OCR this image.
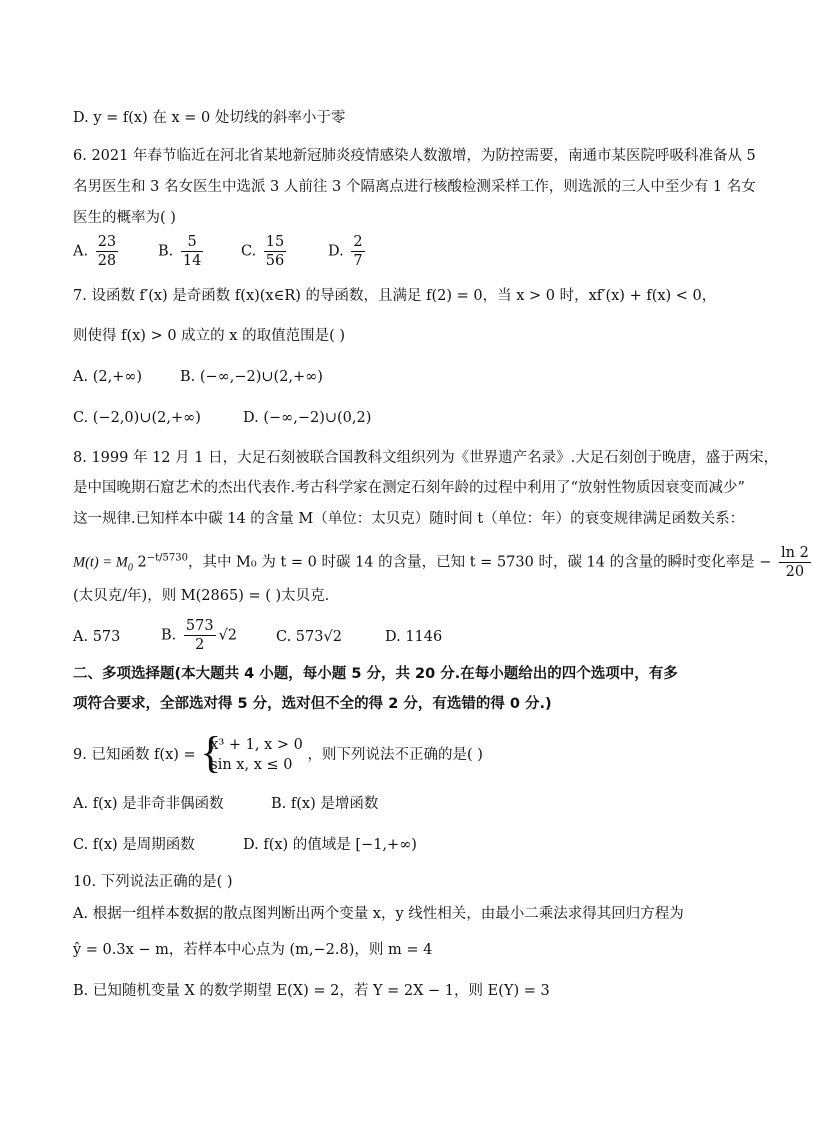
D. y = f(x) 在 x = 0 处切线的斜率小于零
6. 2021 年春节临近在河北省某地新冠肺炎疫情感染人数激增，为防控需要，南通市某医院呼吸科准备从 5
名男医生和 3 名女医生中选派 3 人前往 3 个隔离点进行核酸检测采样工作，则选派的三人中至少有 1 名女
医生的概率为( )
A. $\frac{23}{28}$	B. $\frac{5}{14}$	C. $\frac{15}{56}$	D. $\frac{2}{7}$
7. 设函数 f′(x) 是奇函数 f(x)(x∈R) 的导函数，且满足 f(2) = 0，当 x > 0 时，xf′(x) + f(x) < 0，
则使得 f(x) > 0 成立的 x 的取值范围是( )
A. (2,+∞)	B. (−∞,−2)∪(2,+∞)
C. (−2,0)∪(2,+∞)	D. (−∞,−2)∪(0,2)
8. 1999 年 12 月 1 日，大足石刻被联合国教科文组织列为《世界遗产名录》.大足石刻创于晚唐，盛于两宋，
是中国晚期石窟艺术的杰出代表作.考古科学家在测定石刻年龄的过程中利用了“放射性物质因衰变而减少”
这一规律.已知样本中碳 14 的含量 M（单位：太贝克）随时间 t（单位：年）的衰变规律满足函数关系：
$M(t) = M_0$ $2^{-t/5730}$，其中 M₀ 为 t = 0 时碳 14 的含量，已知 t = 5730 时，碳 14 的含量的瞬时变化率是 − $\frac{\ln 2}{20}$
(太贝克/年)，则 M(2865) = ( )太贝克.
A. 573	B. $\frac{573}{2} √2$	C. 573√2	D. 1146
二、多项选择题(本大题共 4 小题，每小题 5 分，共 20 分.在每小题给出的四个选项中，有多
项符合要求，全部选对得 5 分，选对但不全的得 2 分，有选错的得 0 分.)
9. 已知函数 f(x) = {
x³ + 1, x > 0
sin x, x ≤ 0
，则下列说法不正确的是( )
A. f(x) 是非奇非偶函数	B. f(x) 是增函数
C. f(x) 是周期函数	D. f(x) 的值域是 [−1,+∞)
10. 下列说法正确的是( )
A. 根据一组样本数据的散点图判断出两个变量 x，y 线性相关，由最小二乘法求得其回归方程为
ŷ = 0.3x − m，若样本中心点为 (m,−2.8)，则 m = 4
B. 已知随机变量 X 的数学期望 E(X) = 2，若 Y = 2X − 1，则 E(Y) = 3
